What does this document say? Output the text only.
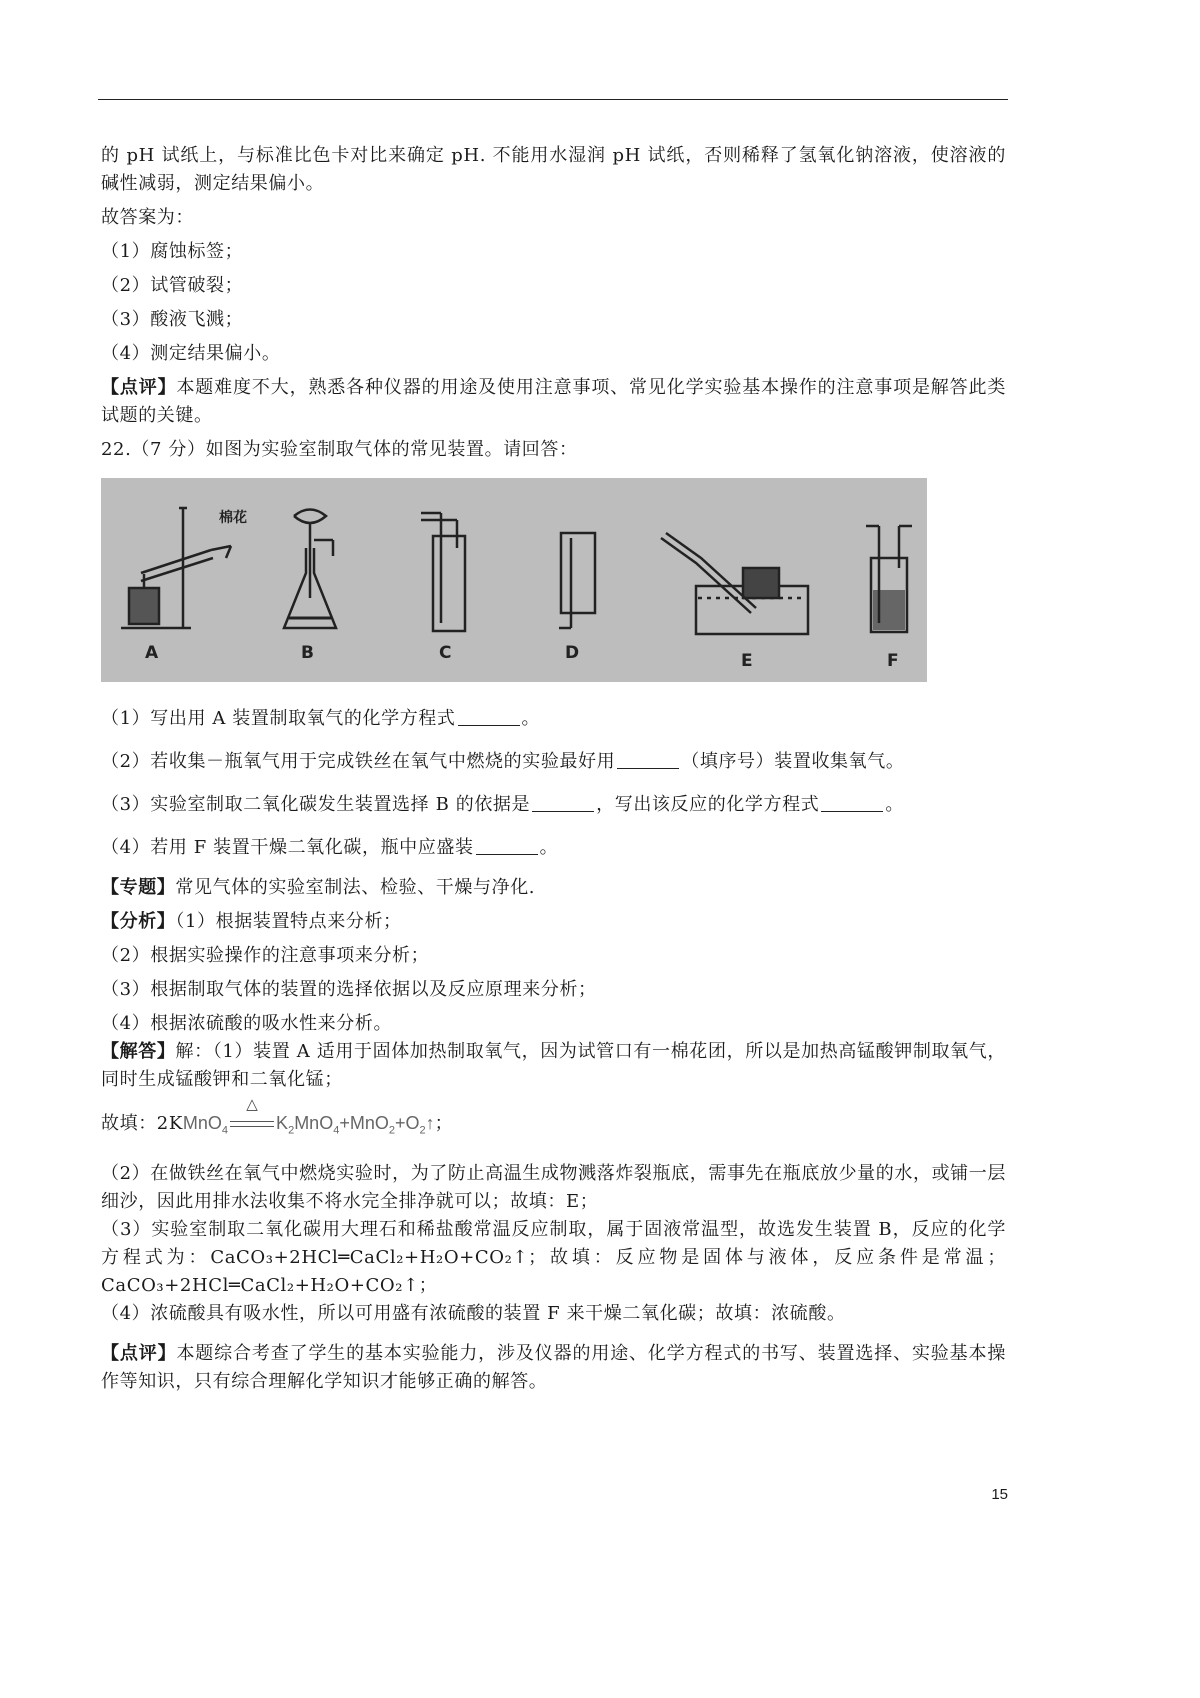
的 pH 试纸上，与标准比色卡对比来确定 pH. 不能用水湿润 pH 试纸，否则稀释了氢氧化钠溶液，使溶液的碱性减弱，测定结果偏小。

故答案为：

（1）腐蚀标签；

（2）试管破裂；

（3）酸液飞溅；

（4）测定结果偏小。

【点评】本题难度不大，熟悉各种仪器的用途及使用注意事项、常见化学实验基本操作的注意事项是解答此类试题的关键。

22.（7 分）如图为实验室制取气体的常见装置。请回答：

棉花
A	B	C	D	E	F

（1）写出用 A 装置制取氧气的化学方程式	。

（2）若收集－瓶氧气用于完成铁丝在氧气中燃烧的实验最好用	（填序号）装置收集氧气。

（3）实验室制取二氧化碳发生装置选择 B 的依据是	，写出该反应的化学方程式	。

（4）若用 F 装置干燥二氧化碳，瓶中应盛装	。

【专题】常见气体的实验室制法、检验、干燥与净化.

【分析】（1）根据装置特点来分析；

（2）根据实验操作的注意事项来分析；

（3）根据制取气体的装置的选择依据以及反应原理来分析；

（4）根据浓硫酸的吸水性来分析。

【解答】解：（1）装置 A 适用于固体加热制取氧气，因为试管口有一棉花团，所以是加热高锰酸钾制取氧气，同时生成锰酸钾和二氧化锰；

故填：2KMnO$_4$
△
$K_2MnO_4+MnO_2+O_2↑$；

（2）在做铁丝在氧气中燃烧实验时，为了防止高温生成物溅落炸裂瓶底，需事先在瓶底放少量的水，或铺一层细沙，因此用排水法收集不将水完全排净就可以；故填：E；

（3）实验室制取二氧化碳用大理石和稀盐酸常温反应制取，属于固液常温型，故选发生装置 B，反应的化学方程式为：CaCO₃+2HCl═CaCl₂+H₂O+CO₂↑；故填：反应物是固体与液体，反应条件是常温；CaCO₃+2HCl═CaCl₂+H₂O+CO₂↑；

（4）浓硫酸具有吸水性，所以可用盛有浓硫酸的装置 F 来干燥二氧化碳；故填：浓硫酸。

【点评】本题综合考查了学生的基本实验能力，涉及仪器的用途、化学方程式的书写、装置选择、实验基本操作等知识，只有综合理解化学知识才能够正确的解答。

15
